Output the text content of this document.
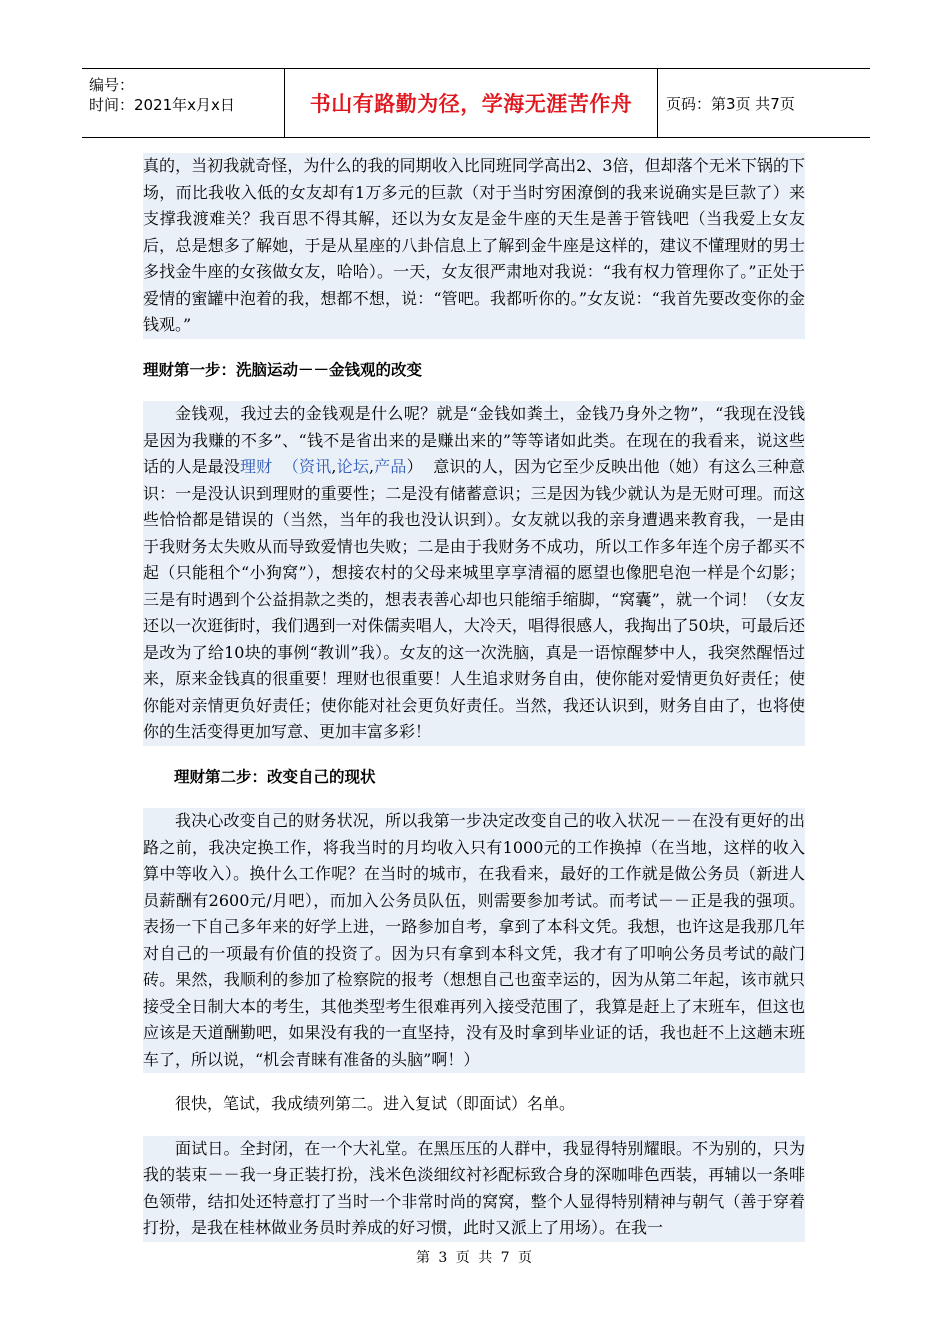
编号：
时间：2021年x月x日	书山有路勤为径，学海无涯苦作舟	页码：第3页 共7页

真的，当初我就奇怪，为什么的我的同期收入比同班同学高出2、3倍，但却落个无米下锅的下场，而比我收入低的女友却有1万多元的巨款（对于当时穷困潦倒的我来说确实是巨款了）来支撑我渡难关？我百思不得其解，还以为女友是金牛座的天生是善于管钱吧（当我爱上女友后，总是想多了解她，于是从星座的八卦信息上了解到金牛座是这样的，建议不懂理财的男士多找金牛座的女孩做女友，哈哈）。一天，女友很严肃地对我说：“我有权力管理你了。”正处于爱情的蜜罐中泡着的我，想都不想，说：“管吧。我都听你的。”女友说：“我首先要改变你的金钱观。”

理财第一步：洗脑运动－－金钱观的改变

金钱观，我过去的金钱观是什么呢？就是“金钱如粪土，金钱乃身外之物”，“我现在没钱是因为我赚的不多”、“钱不是省出来的是赚出来的”等等诸如此类。在现在的我看来，说这些话的人是最没理财 （资讯,论坛,产品） 意识的人，因为它至少反映出他（她）有这么三种意识：一是没认识到理财的重要性；二是没有储蓄意识；三是因为钱少就认为是无财可理。而这些恰恰都是错误的（当然，当年的我也没认识到）。女友就以我的亲身遭遇来教育我，一是由于我财务太失败从而导致爱情也失败；二是由于我财务不成功，所以工作多年连个房子都买不起（只能租个“小狗窝”），想接农村的父母来城里享享清福的愿望也像肥皂泡一样是个幻影；三是有时遇到个公益捐款之类的，想表表善心却也只能缩手缩脚，“窝囊”，就一个词！（女友还以一次逛街时，我们遇到一对侏儒卖唱人，大冷天，唱得很感人，我掏出了50块，可最后还是改为了给10块的事例“教训”我）。女友的这一次洗脑，真是一语惊醒梦中人，我突然醒悟过来，原来金钱真的很重要！理财也很重要！人生追求财务自由，使你能对爱情更负好责任；使你能对亲情更负好责任；使你能对社会更负好责任。当然，我还认识到，财务自由了，也将使你的生活变得更加写意、更加丰富多彩！

理财第二步：改变自己的现状

我决心改变自己的财务状况，所以我第一步决定改变自己的收入状况－－在没有更好的出路之前，我决定换工作，将我当时的月均收入只有1000元的工作换掉（在当地，这样的收入算中等收入）。换什么工作呢？在当时的城市，在我看来，最好的工作就是做公务员（新进人员薪酬有2600元/月吧），而加入公务员队伍，则需要参加考试。而考试－－正是我的强项。表扬一下自己多年来的好学上进，一路参加自考，拿到了本科文凭。我想，也许这是我那几年对自己的一项最有价值的投资了。因为只有拿到本科文凭，我才有了叩响公务员考试的敲门砖。果然，我顺利的参加了检察院的报考（想想自己也蛮幸运的，因为从第二年起，该市就只接受全日制大本的考生，其他类型考生很难再列入接受范围了，我算是赶上了末班车，但这也应该是天道酬勤吧，如果没有我的一直坚持，没有及时拿到毕业证的话，我也赶不上这趟末班车了，所以说，“机会青睐有准备的头脑”啊！）

很快，笔试，我成绩列第二。进入复试（即面试）名单。

面试日。全封闭，在一个大礼堂。在黑压压的人群中，我显得特别耀眼。不为别的，只为我的装束－－我一身正装打扮，浅米色淡细纹衬衫配标致合身的深咖啡色西装，再辅以一条啡色领带，结扣处还特意打了当时一个非常时尚的窝窝，整个人显得特别精神与朝气（善于穿着打扮，是我在桂林做业务员时养成的好习惯，此时又派上了用场）。在我一

第 3 页 共 7 页
